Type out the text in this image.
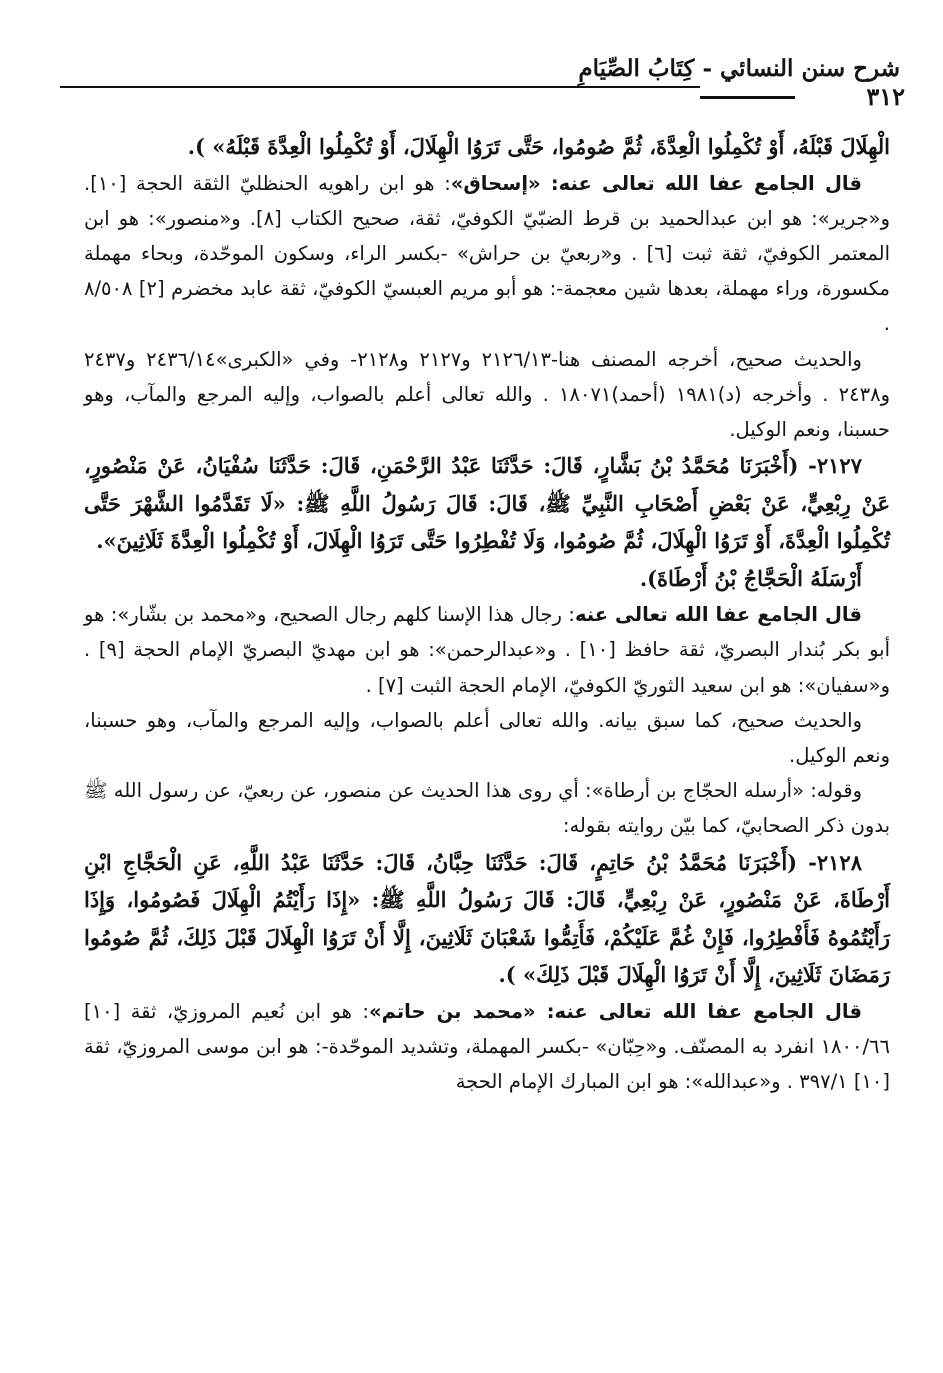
شرح سنن النسائي - كِتَابُ الصِّيَامِ
٣١٢

الْهِلَالَ قَبْلَهُ، أَوْ تُكْمِلُوا الْعِدَّةَ، ثُمَّ صُومُوا، حَتَّى تَرَوُا الْهِلَالَ، أَوْ تُكْمِلُوا الْعِدَّةَ قَبْلَهُ» ).

قال الجامع عفا الله تعالى عنه: «إسحاق»: هو ابن راهويه الحنظليّ الثقة الحجة [١٠]. و«جرير»: هو ابن عبدالحميد بن قرط الضبّيّ الكوفيّ، ثقة، صحيح الكتاب [٨]. و«منصور»: هو ابن المعتمر الكوفيّ، ثقة ثبت [٦] . و«ربعيّ بن حراش» -بكسر الراء، وسكون الموحّدة، وبحاء مهملة مكسورة، وراء مهملة، بعدها شين معجمة-: هو أبو مريم العبسيّ الكوفيّ، ثقة عابد مخضرم [٢] ٨/٥٠٨ .

والحديث صحيح، أخرجه المصنف هنا-٢١٢٦/١٣ و٢١٢٧ و٢١٢٨- وفي «الكبرى»٢٤٣٦/١٤ و٢٤٣٧ و٢٤٣٨ . وأخرجه (د)١٩٨١ (أحمد)١٨٠٧١ . والله تعالى أعلم بالصواب، وإليه المرجع والمآب، وهو حسبنا، ونعم الوكيل.

٢١٢٧- (أَخْبَرَنَا مُحَمَّدُ بْنُ بَشَّارٍ، قَالَ: حَدَّثَنَا عَبْدُ الرَّحْمَنِ، قَالَ: حَدَّثَنَا سُفْيَانُ، عَنْ مَنْصُورٍ، عَنْ رِبْعِيٍّ، عَنْ بَعْضِ أَصْحَابِ النَّبِيِّ ﷺ، قَالَ: قَالَ رَسُولُ اللَّهِ ﷺ: «لَا تَقَدَّمُوا الشَّهْرَ حَتَّى تُكْمِلُوا الْعِدَّةَ، أَوْ تَرَوُا الْهِلَالَ، ثُمَّ صُومُوا، وَلَا تُفْطِرُوا حَتَّى تَرَوُا الْهِلَالَ، أَوْ تُكْمِلُوا الْعِدَّةَ ثَلَاثِينَ».

أَرْسَلَهُ الْحَجَّاجُ بْنُ أَرْطَاةَ).

قال الجامع عفا الله تعالى عنه: رجال هذا الإسنا كلهم رجال الصحيح، و«محمد بن بشّار»: هو أبو بكر بُندار البصريّ، ثقة حافظ [١٠] . و«عبدالرحمن»: هو ابن مهديّ البصريّ الإمام الحجة [٩] . و«سفيان»: هو ابن سعيد الثوريّ الكوفيّ، الإمام الحجة الثبت [٧] .

والحديث صحيح، كما سبق بيانه. والله تعالى أعلم بالصواب، وإليه المرجع والمآب، وهو حسبنا، ونعم الوكيل.

وقوله: «أرسله الحجّاج بن أرطاة»: أي روى هذا الحديث عن منصور، عن ربعيّ، عن رسول الله ﷺ بدون ذكر الصحابيّ، كما بيّن روايته بقوله:

٢١٢٨- (أَخْبَرَنَا مُحَمَّدُ بْنُ حَاتِمٍ، قَالَ: حَدَّثَنَا حِبَّانُ، قَالَ: حَدَّثَنَا عَبْدُ اللَّهِ، عَنِ الْحَجَّاجِ ابْنِ أَرْطَاةَ، عَنْ مَنْصُورٍ، عَنْ رِبْعِيٍّ، قَالَ: قَالَ رَسُولُ اللَّهِ ﷺ: «إِذَا رَأَيْتُمُ الْهِلَالَ فَصُومُوا، وَإِذَا رَأَيْتُمُوهُ فَأَفْطِرُوا، فَإِنْ غُمَّ عَلَيْكُمْ، فَأَتِمُّوا شَعْبَانَ ثَلَاثِينَ، إِلَّا أَنْ تَرَوُا الْهِلَالَ قَبْلَ ذَلِكَ، ثُمَّ صُومُوا رَمَضَانَ ثَلَاثِينَ، إِلَّا أَنْ تَرَوُا الْهِلَالَ قَبْلَ ذَلِكَ» ).

قال الجامع عفا الله تعالى عنه: «محمد بن حاتم»: هو ابن نُعيم المروزيّ، ثقة [١٠] ١٨٠٠/٦٦ انفرد به المصنّف. و«حِبّان» -بكسر المهملة، وتشديد الموحّدة-: هو ابن موسى المروزيّ، ثقة [١٠] ٣٩٧/١ . و«عبدالله»: هو ابن المبارك الإمام الحجة
